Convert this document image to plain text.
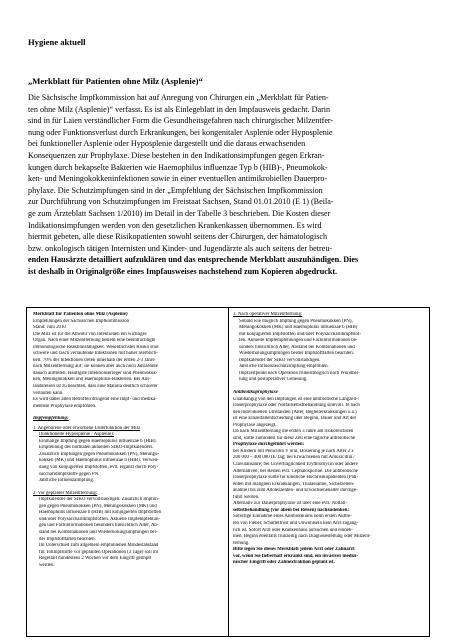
Hygiene aktuell
„Merkblatt für Patienten ohne Milz (Asplenie)“
Die Sächsische Impfkommission hat auf Anregung von Chirurgen ein „Merkblatt für Patien-
ten ohne Milz (Asplenie)“ verfasst. Es ist als Einlegeblatt in den Impfausweis gedacht. Darin
sind in für Laien verständlicher Form die Gesundheitsgefahren nach chirurgischer Milzentfer-
nung oder Funktionsverlust durch Erkrankungen, bei kongenitaler Asplenie oder Hyposplenie
bei funktioneller Asplenie oder Hyposplenie dargestellt und die daraus erwachsenden
Konsequenzen zur Prophylaxe. Diese bestehen in den Indikationsimpfungen gegen Erkran-
kungen durch bekapselte Bakterien wie Haemophilus influenzae Typ b (HIB)-, Pneumokok-
ken- und Meningokokkeninfektionen sowie in einer eventuellen antimikrobiellen Dauerpro-
phylaxe. Die Schutzimpfungen sind in der „Empfehlung der Sächsischen Impfkommission
zur Durchführung von Schutzimpfungen im Freistaat Sachsen, Stand 01.01.2010 (E 1) (Beila-
ge zum Ärzteblatt Sachsen 1/2010) im Detail in der Tabelle 3 beschrieben. Die Kosten dieser
Indikationsimpfungen werden von den gesetzlichen Krankenkassen übernommen. Es wird
hiermit gebeten, alle diese Risikopatienten sowohl seitens der Chirurgen, der hämatologisch
bzw. onkologisch tätigen Internisten und Kinder- und Jugendärzte als auch seitens der betreu-
enden Hausärzte detailliert aufzuklären und das entsprechende Merkblatt auszuhändigen. Dies
ist deshalb in Originalgröße eines Impfausweises nachstehend zum Kopieren abgedruckt.
Merkblatt für Patienten ohne Milz (Asplenie)
Empfehlungen der Sächsischen Impfkommission
Stand: Juni 2010
Die Milz ist für die Abwehr von Infektionen ein wichtiges
Organ. Nach einer Milzentfernung besteht eine beeinträchtigte
immunologische Reaktionsfähigkeit. Wesentlichstes Risiko sind
schwere und rasch verlaufende Infektionen mit hoher Sterblich-
keit. 70% der Infektionen treten innerhalb der ersten 2-3 Jahre
nach Milzentfernung auf; sie können aber auch noch Jahrzehnte
danach auftreten. Häufigste Infektionserreger sind Pneumokok-
ken, Meningokokken und Haemophilus-Bakterien. Bei Aus-
landsreisen ist zu beachten, dass eine Malaria deutlich schwerer
verlaufen kann.
Es wird daher allen Betroffen dringend eine Impf- und medika-
mentöse Prophylaxe empfohlen.
Impfempfehlung:
1. Angeborene oder erworbene Unterfunktion der Milz
(funktionelle Hyposplenie / Asplenie):
Einmalige Impfung gegen Haemophilus influenzae b (HIB).
Empfehlung des normalen aktuellen SIKO-Impfkalenders.
Zusätzlich Impfungen gegen Pneumokokken (PN), Meningo-
kokken (MK) und Haemophilus influenzae b (HIB). Verwen-
dung von konjugierten Impfstoffen, evtl. ergänzt durch Poly-
saccharidimpfstoffe gegen PN.
Jährliche Influenzaimpfung.
2. Vor geplanter Milzentfernung:
Impfkalender der SIKO vervollständigen. Zusätzlich Impfun-
gen gegen Pneumokokken (PN), Meningokokken (MK) und
Haemophilus influenzae b (HIB) mit konjugierten Impfstoffen
und/oder Polysaccharidimpfstoffen. Aktuelle Impfempfehlun-
gen und Fachinformationen besonders hinsichtlich Alter, Ab-
stand bei Kombinationen und Wiederholungsimpfungen bei-
der Impfstofftarten beachten.
Im Unterschied zum allgemein empfohlenen Mindestabstand
für Totimpfstoffe vor geplanten Operationen (3 Tage) soll im
Regelfall mindestens 2 Wochen vor dem Eingriff geimpft
werden.
3. Nach operativer Milzentfernung:
Sobald wie möglich Impfung gegen Pneumokokken (PN),
Meningokokken (MK) und Haemophilus influenzae b (HIB)
mit konjugierten Impfstoffen und/oder Polysaccharidimpfstof-
fen. Aktuelle Impfempfehlungen und Fachinformationen be-
sonders hinsichtlich Alter, Abstand bei Kombinationen und
Wiederholungsimpfungen beider Impfstofftarten beachten.
Impfkalender der SIKO vervollständigen.
Jährliche Influenzaschutzimpfung empfohlen.
Impfzeitpunkt nach Operation frühestmöglich nach Wundhei-
lung und postoperativer Genesung.
Antibiotikaprophylaxe
Unabhängig von den Impfungen ist eine antibiotische Langzeit-/
Dauerprophylaxe oder Notfallselbstbehandlung sinnvoll. Je nach
den individuellen Umständen (Alter, Begleiterkrankungen u.a.)
ist eine Einzelfallentscheidung über Beginn, Dauer und Art der
Prophylaxe angezeigt.
Da nach Milzentfernung die ersten 3 Jahre am risikoreichsten
sind, sollte zumindest für diese Zeit eine tägliche antibiotische
Prophylaxe durchgeführt werden:
bei Kindern mit Penicillin V oral, Dosierung je nach Alter 2 x
200 000 – 400 000 IE/Tag; bei Erwachsenen mit Amoxicillin /
Clavulansäure; bei Unverträglichkeit Erythromycin oder andere
Alternativen; bei Reisen evtl. Cephalosporine. Die antibiotische
Dauerprophylaxe sollte für kindliche Hochrisikopatienten (Pati-
enten mit malignen Erkrankungen, Thalassämie, Sichelzellen-
anämie) bis zum Adoleszenten- und Erwachsenenalter durchge-
führt werden.
Alternativ zur Dauerprophylaxe ist über eine evtl. Notfall-
selbstbehandlung (vor allem bei Reisen) nachzudenken:
Sofortige Einnahme eines Antibiotikums beim ersten Auftre-
ten von Fieber, Schüttelfrost und Unwohlsein kein Arzt zugäng-
lich ist. Sofort Arzt oder Krankenhaus aufsuchen und einneh-
men. Beginn ebenfalls frühzeitig nach Diagnosestellung oder Milzent-
fernung.
Bitte legen Sie dieses Merkblatt jedem Arzt oder Zahnarzt
vor, wenn Sie fieberhaft erkrankt sind, ein invasiver medizi-
nischer Eingriff oder Zahnextraktion geplant ist.
